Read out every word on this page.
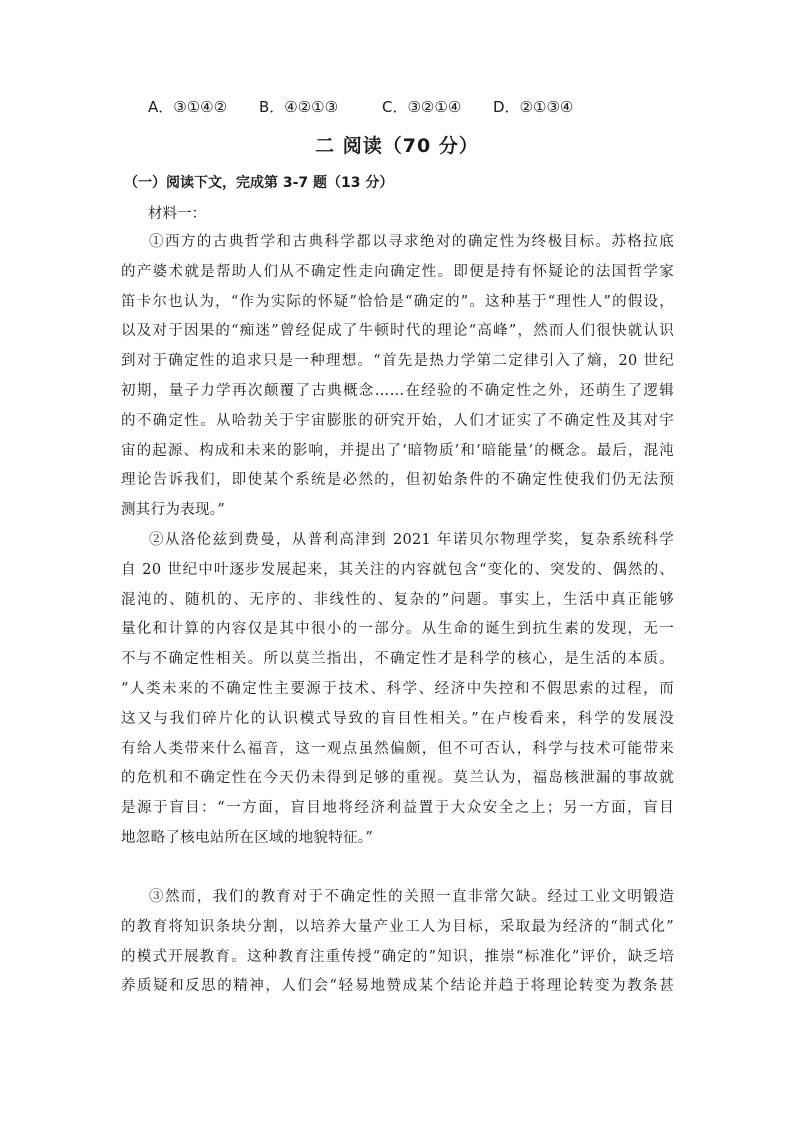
A．③①④② B．④②①③	C．③②①④ D．②①③④
二 阅读（70 分）
（一）阅读下文，完成第 3-7 题（13 分）
材料一：
①西方的古典哲学和古典科学都以寻求绝对的确定性为终极目标。苏格拉底
的产婆术就是帮助人们从不确定性走向确定性。即便是持有怀疑论的法国哲学家
笛卡尔也认为，“作为实际的怀疑”恰恰是“确定的”。这种基于“理性人”的假设，
以及对于因果的“痴迷”曾经促成了牛顿时代的理论“高峰”，然而人们很快就认识
到对于确定性的追求只是一种理想。“首先是热力学第二定律引入了熵，20 世纪
初期，量子力学再次颠覆了古典概念……在经验的不确定性之外，还萌生了逻辑
的不确定性。从哈勃关于宇宙膨胀的研究开始，人们才证实了不确定性及其对宇
宙的起源、构成和未来的影响，并提出了‘暗物质’和‘暗能量’的概念。最后，混沌
理论告诉我们，即使某个系统是必然的，但初始条件的不确定性使我们仍无法预
测其行为表现。”
②从洛伦兹到费曼，从普利高津到 2021 年诺贝尔物理学奖，复杂系统科学
自 20 世纪中叶逐步发展起来，其关注的内容就包含“变化的、突发的、偶然的、
混沌的、随机的、无序的、非线性的、复杂的”问题。事实上，生活中真正能够
量化和计算的内容仅是其中很小的一部分。从生命的诞生到抗生素的发现，无一
不与不确定性相关。所以莫兰指出，不确定性才是科学的核心，是生活的本质。
“人类未来的不确定性主要源于技术、科学、经济中失控和不假思索的过程，而
这又与我们碎片化的认识模式导致的盲目性相关。”在卢梭看来，科学的发展没
有给人类带来什么福音，这一观点虽然偏颇，但不可否认，科学与技术可能带来
的危机和不确定性在今天仍未得到足够的重视。莫兰认为，福岛核泄漏的事故就
是源于盲目：“一方面，盲目地将经济利益置于大众安全之上；另一方面，盲目
地忽略了核电站所在区域的地貌特征。”
③然而，我们的教育对于不确定性的关照一直非常欠缺。经过工业文明锻造
的教育将知识条块分割，以培养大量产业工人为目标，采取最为经济的“制式化”
的模式开展教育。这种教育注重传授“确定的”知识，推崇“标准化”评价，缺乏培
养质疑和反思的精神，人们会“轻易地赞成某个结论并趋于将理论转变为教条甚
